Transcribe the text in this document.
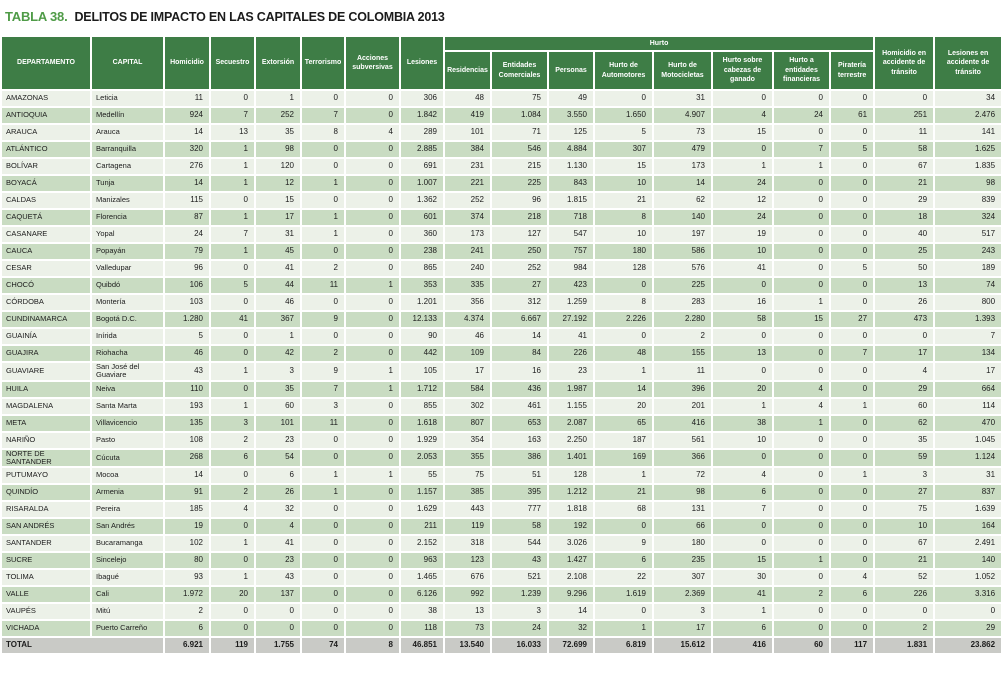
TABLA 38. DELITOS DE IMPACTO EN LAS CAPITALES DE COLOMBIA 2013
DEPARTAMENTO	CAPITAL	Homicidio	Secuestro	Extorsión	Terrorismo	Acciones subversivas	Lesiones	Hurto								Homicidio en accidente de tránsito	Lesiones en accidente de tránsito
								Residencias	Entidades Comerciales	Personas	Hurto de Automotores	Hurto de Motocicletas	Hurto sobre cabezas de ganado	Hurto a entidades financieras	Piratería terrestre		
AMAZONAS	Leticia	11	0	1	0	0	306	48	75	49	0	31	0	0	0	0	34
ANTIOQUIA	Medellín	924	7	252	7	0	1.842	419	1.084	3.550	1.650	4.907	4	24	61	251	2.476
ARAUCA	Arauca	14	13	35	8	4	289	101	71	125	5	73	15	0	0	11	141
ATLÁNTICO	Barranquilla	320	1	98	0	0	2.885	384	546	4.884	307	479	0	7	5	58	1.625
BOLÍVAR	Cartagena	276	1	120	0	0	691	231	215	1.130	15	173	1	1	0	67	1.835
BOYACÁ	Tunja	14	1	12	1	0	1.007	221	225	843	10	14	24	0	0	21	98
CALDAS	Manizales	115	0	15	0	0	1.362	252	96	1.815	21	62	12	0	0	29	839
CAQUETÁ	Florencia	87	1	17	1	0	601	374	218	718	8	140	24	0	0	18	324
CASANARE	Yopal	24	7	31	1	0	360	173	127	547	10	197	19	0	0	40	517
CAUCA	Popayán	79	1	45	0	0	238	241	250	757	180	586	10	0	0	25	243
CESAR	Valledupar	96	0	41	2	0	865	240	252	984	128	576	41	0	5	50	189
CHOCÓ	Quibdó	106	5	44	11	1	353	335	27	423	0	225	0	0	0	13	74
CÓRDOBA	Montería	103	0	46	0	0	1.201	356	312	1.259	8	283	16	1	0	26	800
CUNDINAMARCA	Bogotá D.C.	1.280	41	367	9	0	12.133	4.374	6.667	27.192	2.226	2.280	58	15	27	473	1.393
GUAINÍA	Inírida	5	0	1	0	0	90	46	14	41	0	2	0	0	0	0	7
GUAJIRA	Riohacha	46	0	42	2	0	442	109	84	226	48	155	13	0	7	17	134
GUAVIARE	San José del Guaviare	43	1	3	9	1	105	17	16	23	1	11	0	0	0	4	17
HUILA	Neiva	110	0	35	7	1	1.712	584	436	1.987	14	396	20	4	0	29	664
MAGDALENA	Santa Marta	193	1	60	3	0	855	302	461	1.155	20	201	1	4	1	60	114
META	Villavicencio	135	3	101	11	0	1.618	807	653	2.087	65	416	38	1	0	62	470
NARIÑO	Pasto	108	2	23	0	0	1.929	354	163	2.250	187	561	10	0	0	35	1.045
NORTE DE SANTANDER	Cúcuta	268	6	54	0	0	2.053	355	386	1.401	169	366	0	0	0	59	1.124
PUTUMAYO	Mocoa	14	0	6	1	1	55	75	51	128	1	72	4	0	1	3	31
QUINDÍO	Armenia	91	2	26	1	0	1.157	385	395	1.212	21	98	6	0	0	27	837
RISARALDA	Pereira	185	4	32	0	0	1.629	443	777	1.818	68	131	7	0	0	75	1.639
SAN ANDRÉS	San Andrés	19	0	4	0	0	211	119	58	192	0	66	0	0	0	10	164
SANTANDER	Bucaramanga	102	1	41	0	0	2.152	318	544	3.026	9	180	0	0	0	67	2.491
SUCRE	Sincelejo	80	0	23	0	0	963	123	43	1.427	6	235	15	1	0	21	140
TOLIMA	Ibagué	93	1	43	0	0	1.465	676	521	2.108	22	307	30	0	4	52	1.052
VALLE	Cali	1.972	20	137	0	0	6.126	992	1.239	9.296	1.619	2.369	41	2	6	226	3.316
VAUPÉS	Mitú	2	0	0	0	0	38	13	3	14	0	3	1	0	0	0	0
VICHADA	Puerto Carreño	6	0	0	0	0	118	73	24	32	1	17	6	0	0	2	29
TOTAL		6.921	119	1.755	74	8	46.851	13.540	16.033	72.699	6.819	15.612	416	60	117	1.831	23.862
